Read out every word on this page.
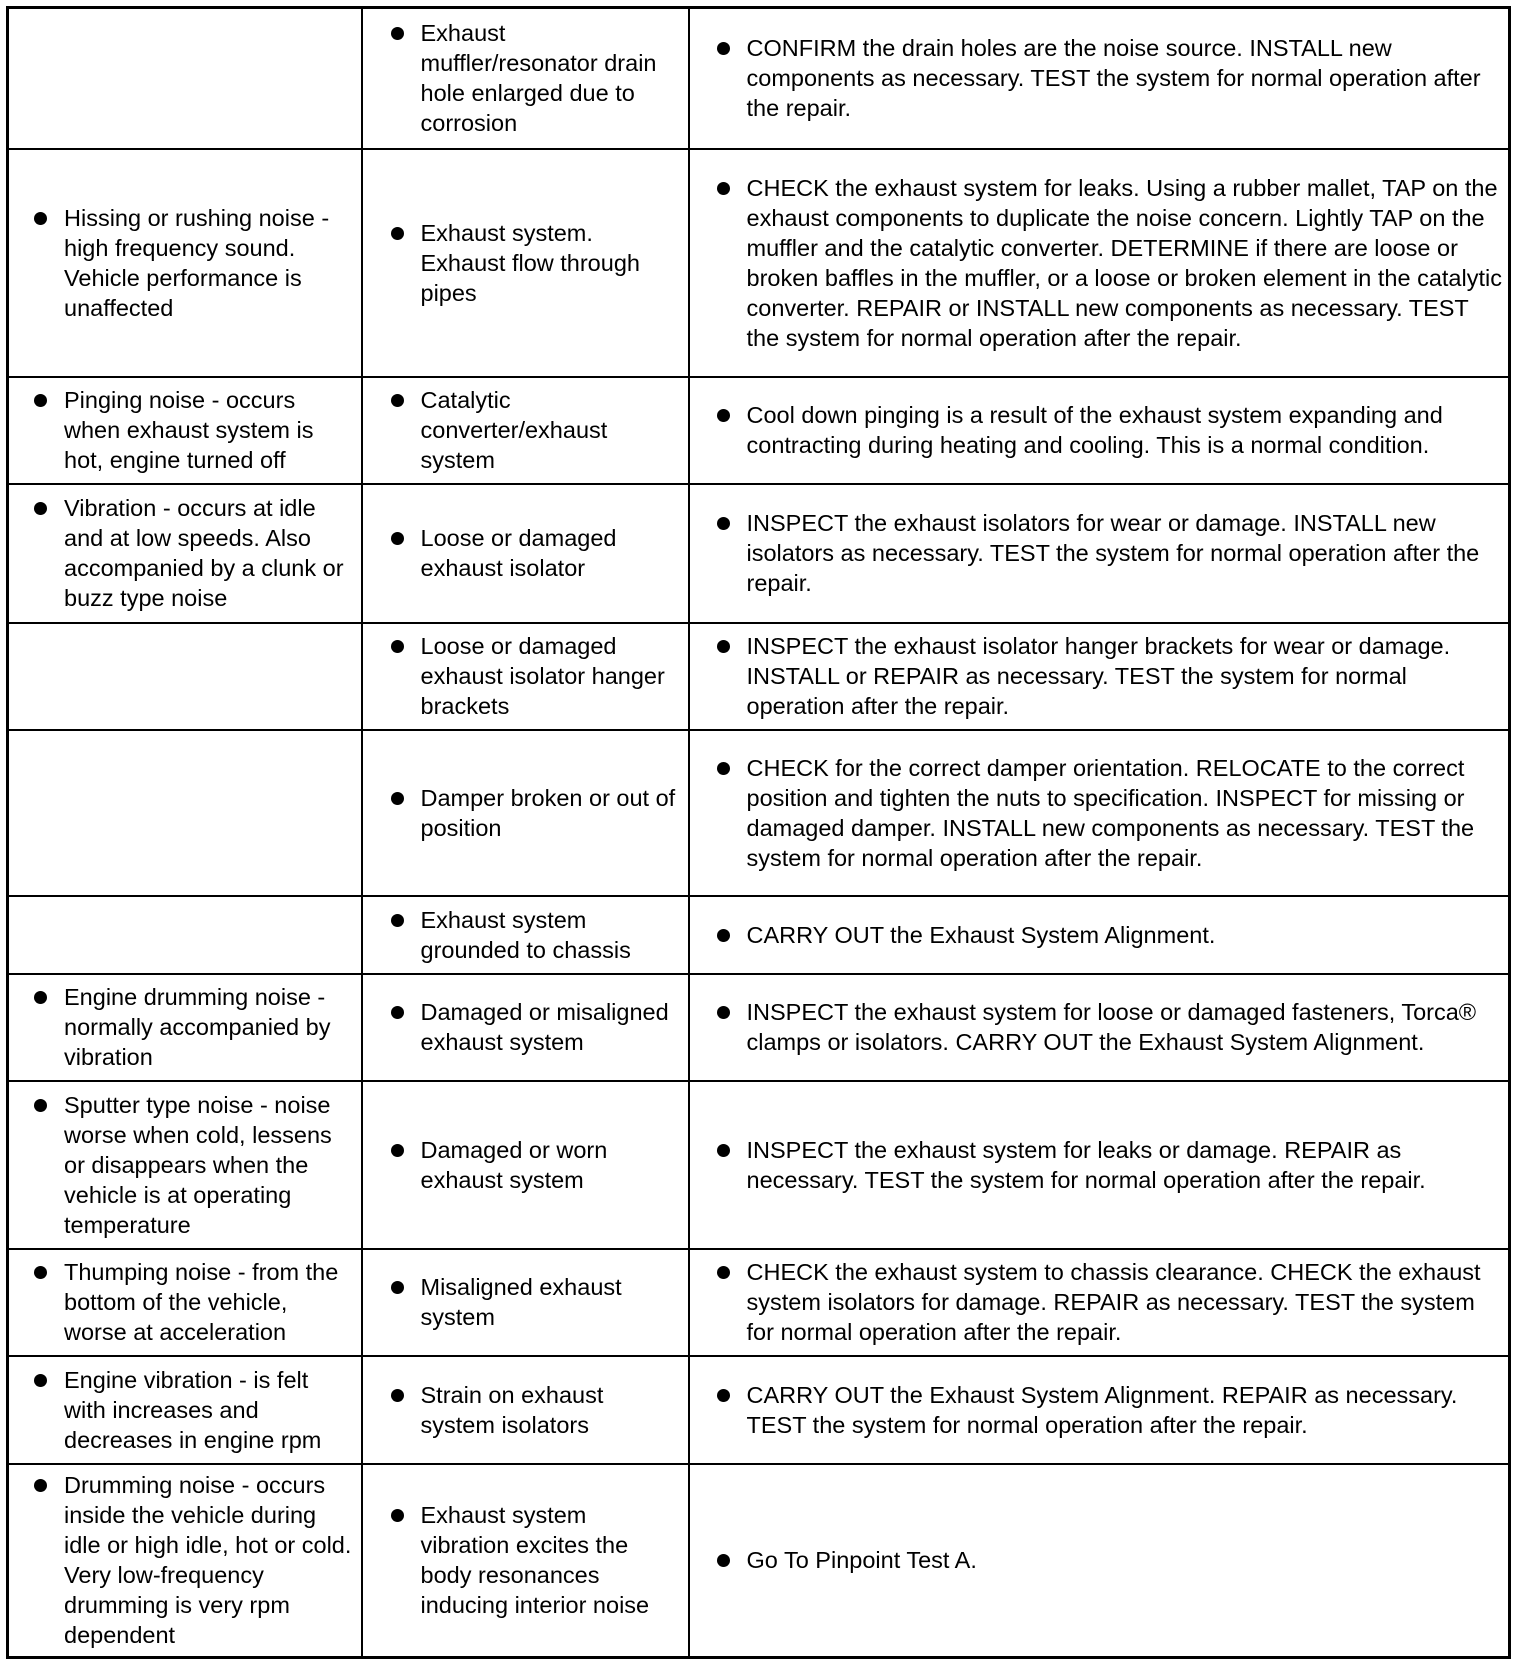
	Exhaust muffler/resonator drain hole enlarged due to corrosion	CONFIRM the drain holes are the noise source. INSTALL new components as necessary. TEST the system for normal operation after the repair.

Hissing or rushing noise - high frequency sound. Vehicle performance is unaffected	Exhaust system. Exhaust flow through pipes	CHECK the exhaust system for leaks. Using a rubber mallet, TAP on the exhaust components to duplicate the noise concern. Lightly TAP on the muffler and the catalytic converter. DETERMINE if there are loose or broken baffles in the muffler, or a loose or broken element in the catalytic converter. REPAIR or INSTALL new components as necessary. TEST the system for normal operation after the repair.

Pinging noise - occurs when exhaust system is hot, engine turned off	Catalytic converter/exhaust system	Cool down pinging is a result of the exhaust system expanding and contracting during heating and cooling. This is a normal condition.

Vibration - occurs at idle and at low speeds. Also accompanied by a clunk or buzz type noise	Loose or damaged exhaust isolator	INSPECT the exhaust isolators for wear or damage. INSTALL new isolators as necessary. TEST the system for normal operation after the repair.

	Loose or damaged exhaust isolator hanger brackets	INSPECT the exhaust isolator hanger brackets for wear or damage. INSTALL or REPAIR as necessary. TEST the system for normal operation after the repair.

	Damper broken or out of position	CHECK for the correct damper orientation. RELOCATE to the correct position and tighten the nuts to specification. INSPECT for missing or damaged damper. INSTALL new components as necessary. TEST the system for normal operation after the repair.

	Exhaust system grounded to chassis	CARRY OUT the Exhaust System Alignment.

Engine drumming noise - normally accompanied by vibration	Damaged or misaligned exhaust system	INSPECT the exhaust system for loose or damaged fasteners, Torca® clamps or isolators. CARRY OUT the Exhaust System Alignment.

Sputter type noise - noise worse when cold, lessens or disappears when the vehicle is at operating temperature	Damaged or worn exhaust system	INSPECT the exhaust system for leaks or damage. REPAIR as necessary. TEST the system for normal operation after the repair.

Thumping noise - from the bottom of the vehicle, worse at acceleration	Misaligned exhaust system	CHECK the exhaust system to chassis clearance. CHECK the exhaust system isolators for damage. REPAIR as necessary. TEST the system for normal operation after the repair.

Engine vibration - is felt with increases and decreases in engine rpm	Strain on exhaust system isolators	CARRY OUT the Exhaust System Alignment. REPAIR as necessary. TEST the system for normal operation after the repair.

Drumming noise - occurs inside the vehicle during idle or high idle, hot or cold. Very low-frequency drumming is very rpm dependent	Exhaust system vibration excites the body resonances inducing interior noise	Go To Pinpoint Test A.
